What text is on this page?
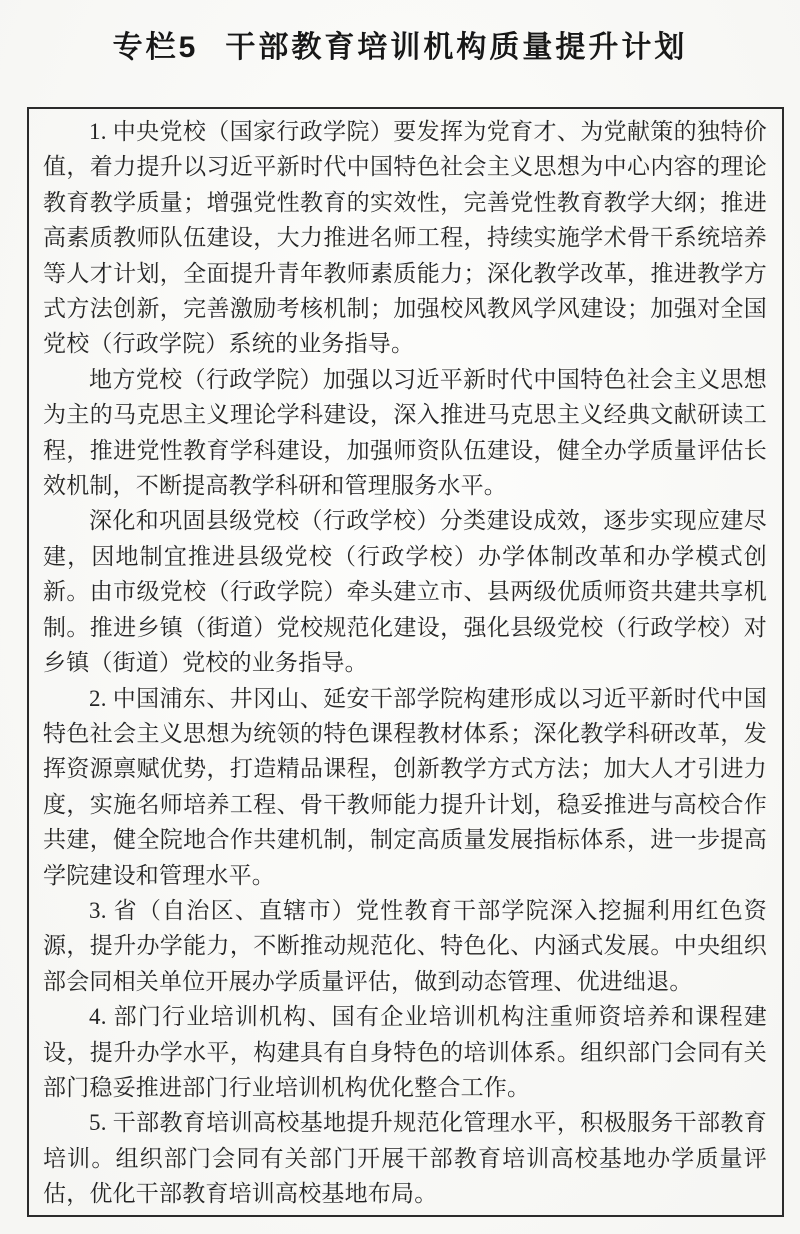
专栏5 干部教育培训机构质量提升计划

1. 中央党校（国家行政学院）要发挥为党育才、为党献策的独特价值，着力提升以习近平新时代中国特色社会主义思想为中心内容的理论教育教学质量；增强党性教育的实效性，完善党性教育教学大纲；推进高素质教师队伍建设，大力推进名师工程，持续实施学术骨干系统培养等人才计划，全面提升青年教师素质能力；深化教学改革，推进教学方式方法创新，完善激励考核机制；加强校风教风学风建设；加强对全国党校（行政学院）系统的业务指导。

地方党校（行政学院）加强以习近平新时代中国特色社会主义思想为主的马克思主义理论学科建设，深入推进马克思主义经典文献研读工程，推进党性教育学科建设，加强师资队伍建设，健全办学质量评估长效机制，不断提高教学科研和管理服务水平。

深化和巩固县级党校（行政学校）分类建设成效，逐步实现应建尽建，因地制宜推进县级党校（行政学校）办学体制改革和办学模式创新。由市级党校（行政学院）牵头建立市、县两级优质师资共建共享机制。推进乡镇（街道）党校规范化建设，强化县级党校（行政学校）对乡镇（街道）党校的业务指导。

2. 中国浦东、井冈山、延安干部学院构建形成以习近平新时代中国特色社会主义思想为统领的特色课程教材体系；深化教学科研改革，发挥资源禀赋优势，打造精品课程，创新教学方式方法；加大人才引进力度，实施名师培养工程、骨干教师能力提升计划，稳妥推进与高校合作共建，健全院地合作共建机制，制定高质量发展指标体系，进一步提高学院建设和管理水平。

3. 省（自治区、直辖市）党性教育干部学院深入挖掘利用红色资源，提升办学能力，不断推动规范化、特色化、内涵式发展。中央组织部会同相关单位开展办学质量评估，做到动态管理、优进绌退。

4. 部门行业培训机构、国有企业培训机构注重师资培养和课程建设，提升办学水平，构建具有自身特色的培训体系。组织部门会同有关部门稳妥推进部门行业培训机构优化整合工作。

5. 干部教育培训高校基地提升规范化管理水平，积极服务干部教育培训。组织部门会同有关部门开展干部教育培训高校基地办学质量评估，优化干部教育培训高校基地布局。
